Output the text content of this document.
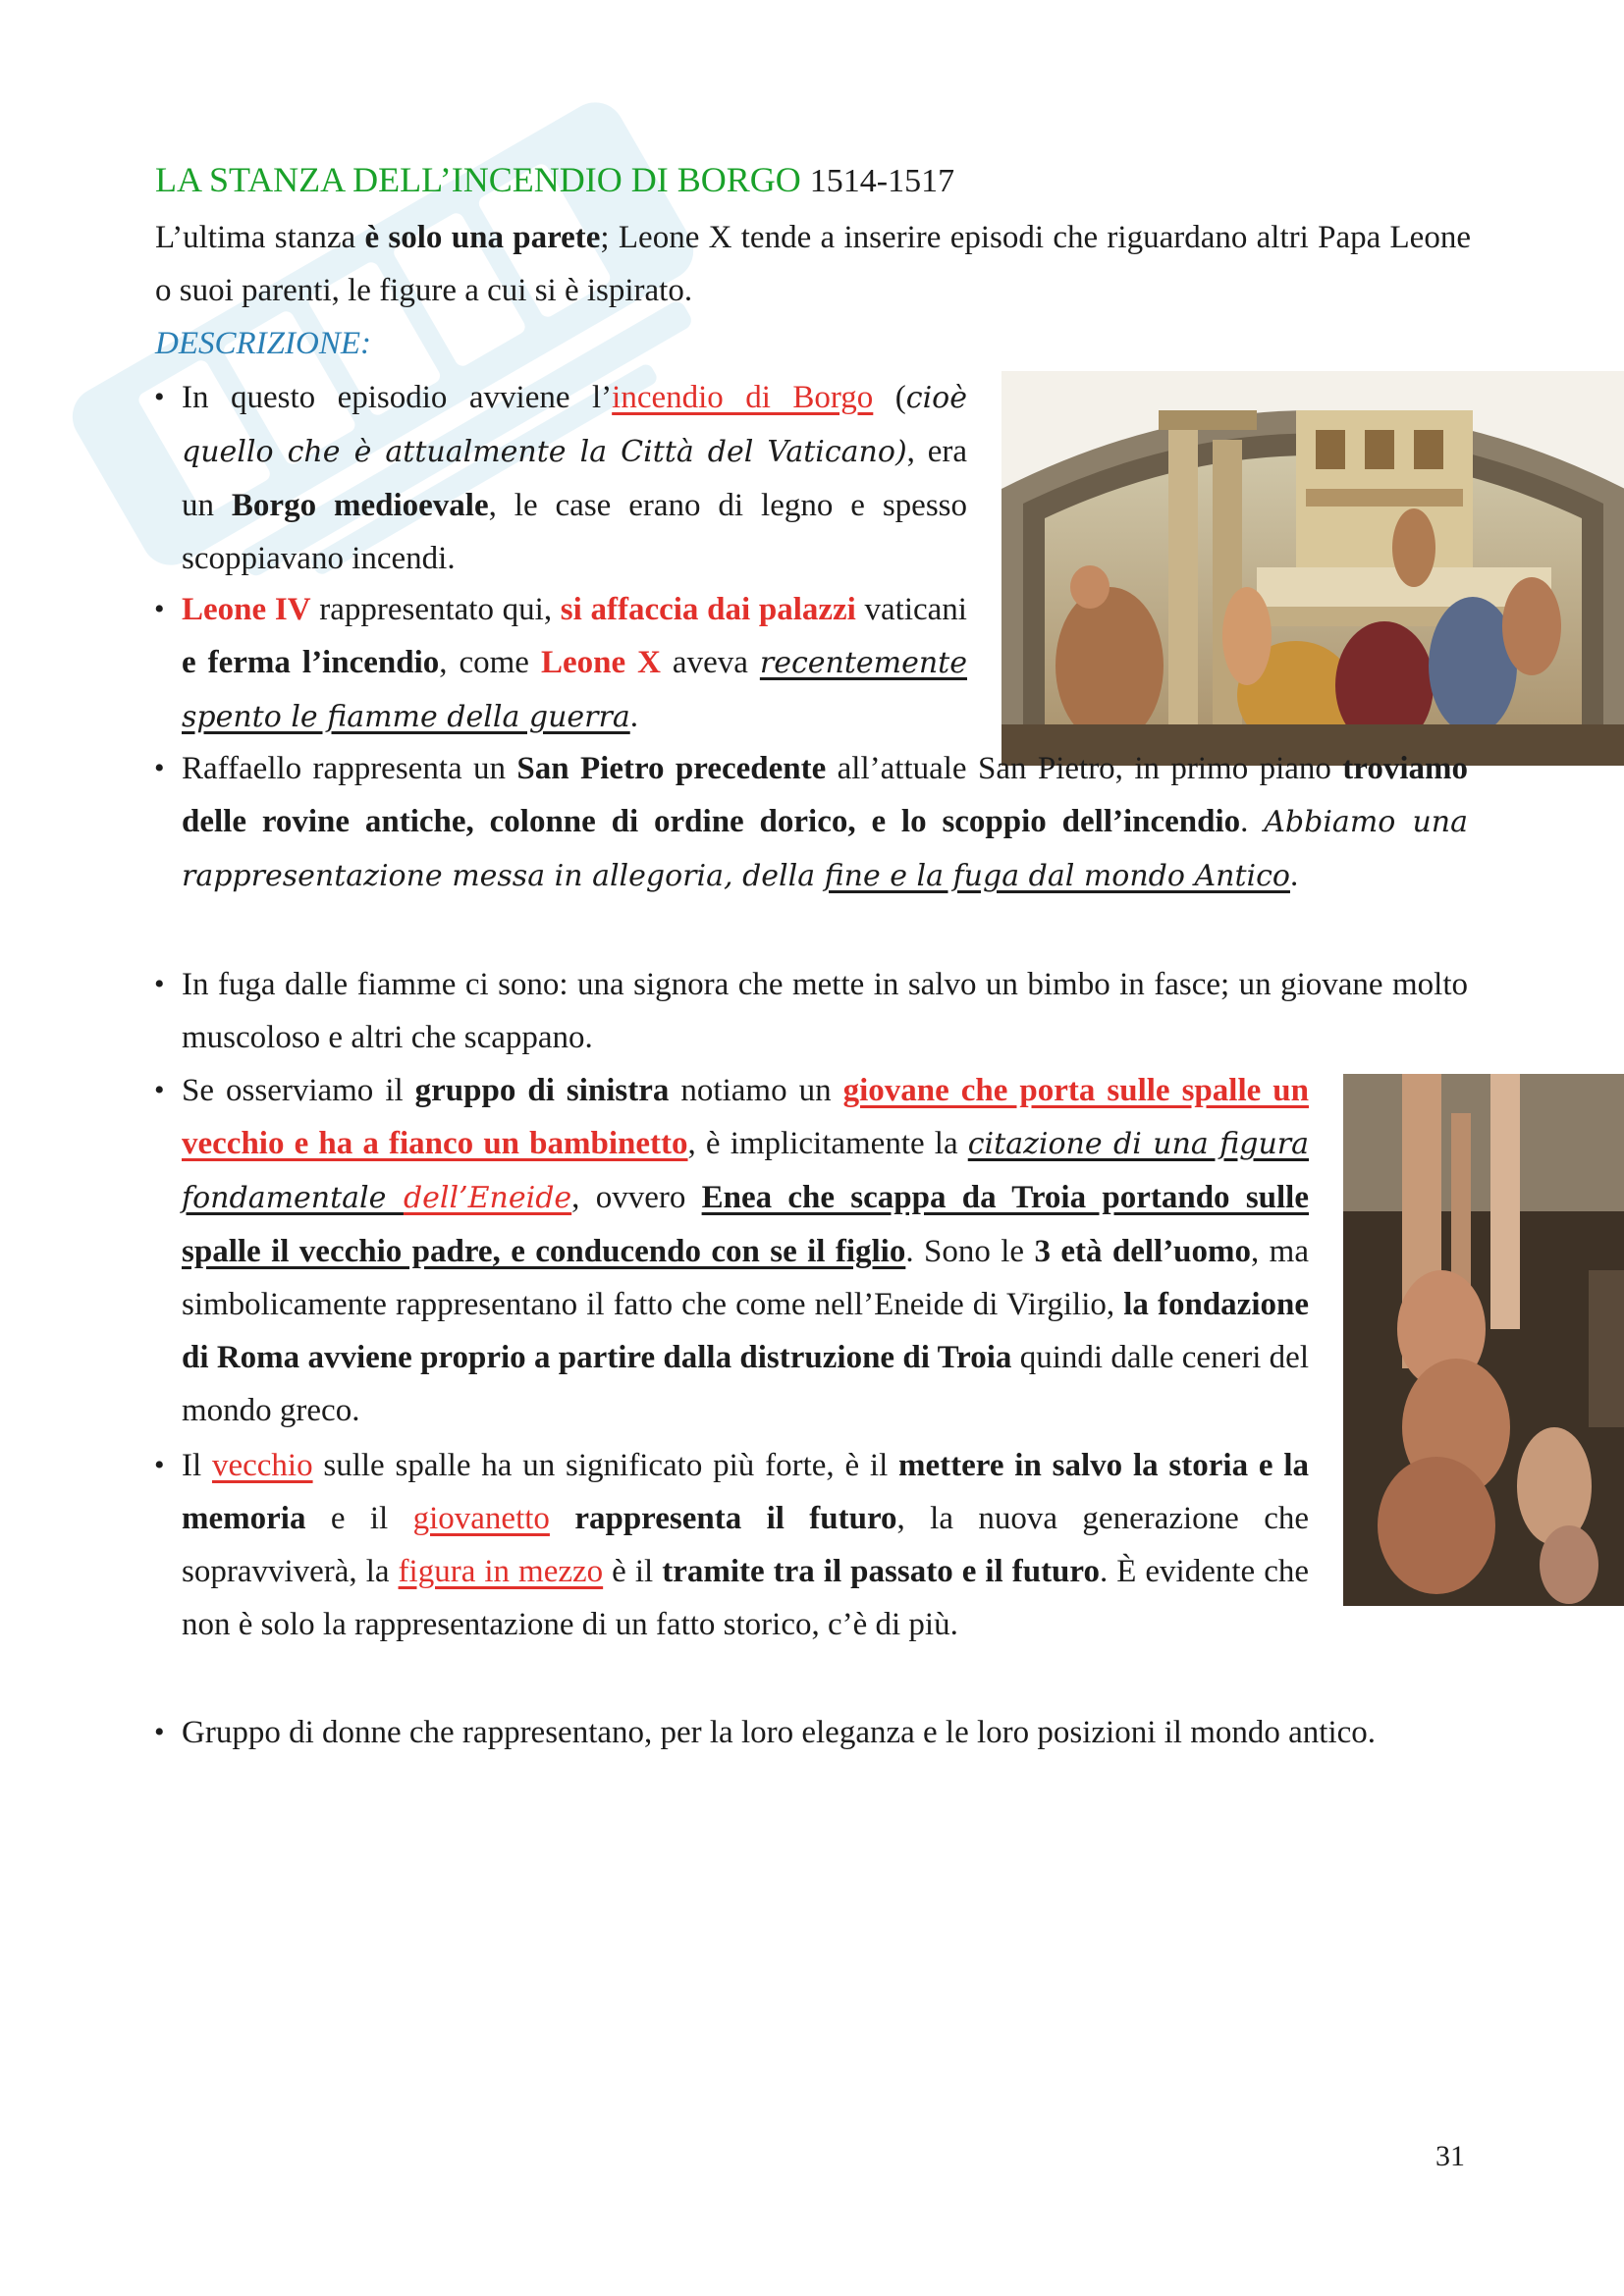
LA STANZA DELL’INCENDIO DI BORGO 1514-1517
L’ultima stanza è solo una parete; Leone X tende a inserire episodi che riguardano altri Papa Leone o suoi parenti, le figure a cui si è ispirato.
DESCRIZIONE:
• In questo episodio avviene l’incendio di Borgo (cioè quello che è attualmente la Città del Vaticano), era un Borgo medioevale, le case erano di legno e spesso scoppiavano incendi.
• Leone IV rappresentato qui, si affaccia dai palazzi vaticani e ferma l’incendio, come Leone X aveva recentemente spento le fiamme della guerra.
• Raffaello rappresenta un San Pietro precedente all’attuale San Pietro, in primo piano troviamo delle rovine antiche, colonne di ordine dorico, e lo scoppio dell’incendio. Abbiamo una rappresentazione messa in allegoria, della fine e la fuga dal mondo Antico.
• In fuga dalle fiamme ci sono: una signora che mette in salvo un bimbo in fasce; un giovane molto muscoloso e altri che scappano.
• Se osserviamo il gruppo di sinistra notiamo un giovane che porta sulle spalle un vecchio e ha a fianco un bambinetto, è implicitamente la citazione di una figura fondamentale dell’Eneide, ovvero Enea che scappa da Troia portando sulle spalle il vecchio padre, e conducendo con se il figlio. Sono le 3 età dell’uomo, ma simbolicamente rappresentano il fatto che come nell’Eneide di Virgilio, la fondazione di Roma avviene proprio a partire dalla distruzione di Troia quindi dalle ceneri del mondo greco.
• Il vecchio sulle spalle ha un significato più forte, è il mettere in salvo la storia e la memoria e il giovanetto rappresenta il futuro, la nuova generazione che sopravviverà, la figura in mezzo è il tramite tra il passato e il futuro. È evidente che non è solo la rappresentazione di un fatto storico, c’è di più.
• Gruppo di donne che rappresentano, per la loro eleganza e le loro posizioni il mondo antico.
31
